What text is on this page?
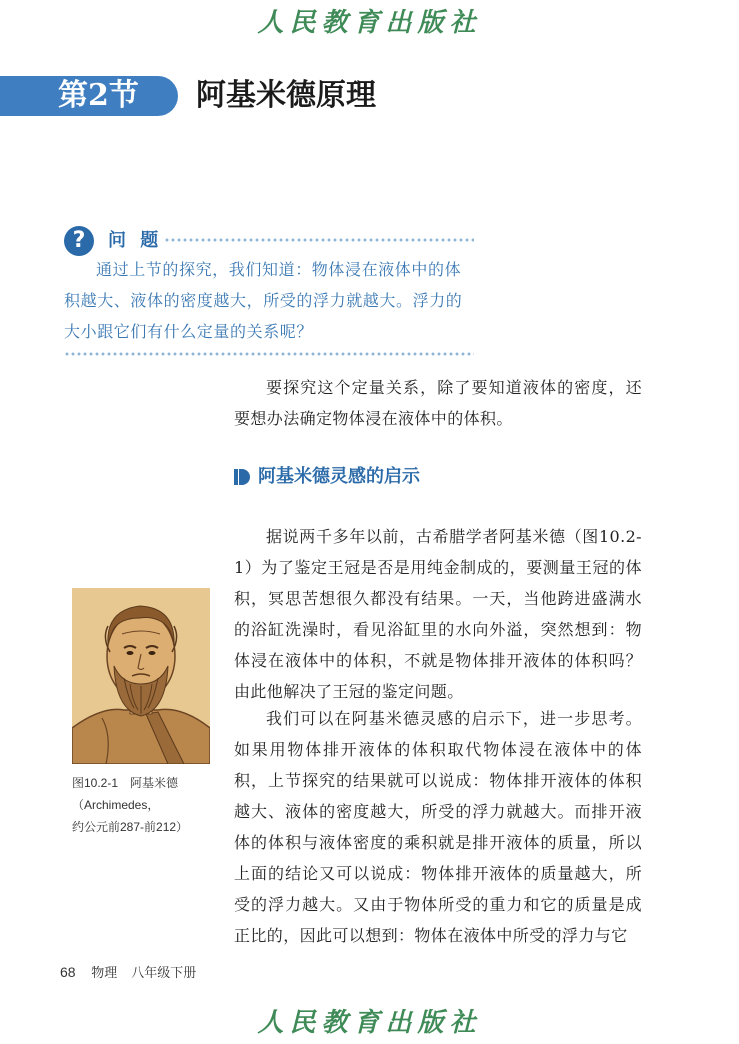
人民教育出版社
第2节	阿基米德原理
?	问 题
通过上节的探究，我们知道：物体浸在液体中的体
积越大、液体的密度越大，所受的浮力就越大。浮力的
大小跟它们有什么定量的关系呢？
要探究这个定量关系，除了要知道液体的密度，还要想办法确定物体浸在液体中的体积。
阿基米德灵感的启示
据说两千多年以前，古希腊学者阿基米德（图10.2-1）为了鉴定王冠是否是用纯金制成的，要测量王冠的体积，冥思苦想很久都没有结果。一天，当他跨进盛满水的浴缸洗澡时，看见浴缸里的水向外溢，突然想到：物体浸在液体中的体积，不就是物体排开液体的体积吗？由此他解决了王冠的鉴定问题。
图10.2-1　阿基米德
（Archimedes，
约公元前287-前212）
我们可以在阿基米德灵感的启示下，进一步思考。如果用物体排开液体的体积取代物体浸在液体中的体积，上节探究的结果就可以说成：物体排开液体的体积越大、液体的密度越大，所受的浮力就越大。而排开液体的体积与液体密度的乘积就是排开液体的质量，所以上面的结论又可以说成：物体排开液体的质量越大，所受的浮力越大。又由于物体所受的重力和它的质量是成正比的，因此可以想到：物体在液体中所受的浮力与它
68 物理 八年级下册
人民教育出版社
